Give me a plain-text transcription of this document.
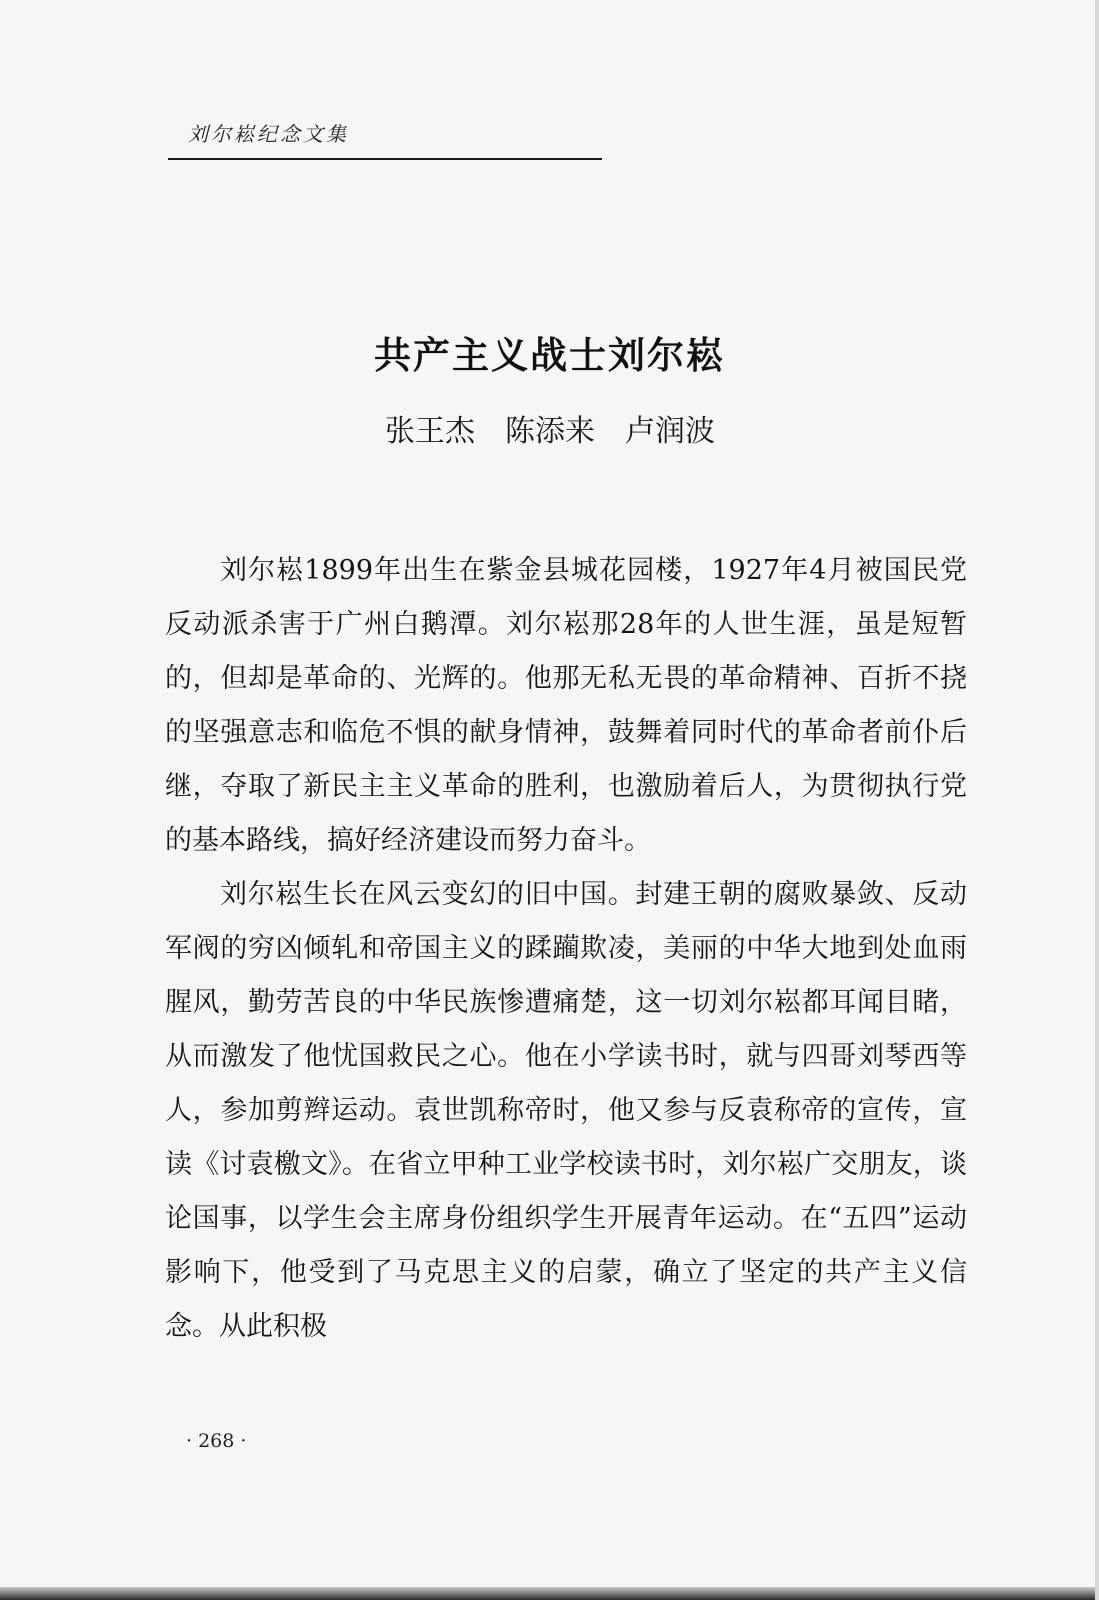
刘尔崧纪念文集
共产主义战士刘尔崧
张王杰　陈添来　卢润波

刘尔崧1899年出生在紫金县城花园楼，1927年4月被国民党反动派杀害于广州白鹅潭。刘尔崧那28年的人世生涯，虽是短暂的，但却是革命的、光辉的。他那无私无畏的革命精神、百折不挠的坚强意志和临危不惧的献身情神，鼓舞着同时代的革命者前仆后继，夺取了新民主主义革命的胜利，也激励着后人，为贯彻执行党的基本路线，搞好经济建设而努力奋斗。

刘尔崧生长在风云变幻的旧中国。封建王朝的腐败暴敛、反动军阀的穷凶倾轧和帝国主义的蹂躏欺凌，美丽的中华大地到处血雨腥风，勤劳苦良的中华民族惨遭痛楚，这一切刘尔崧都耳闻目睹，从而激发了他忧国救民之心。他在小学读书时，就与四哥刘琴西等人，参加剪辫运动。袁世凯称帝时，他又参与反袁称帝的宣传，宣读《讨袁檄文》。在省立甲种工业学校读书时，刘尔崧广交朋友，谈论国事，以学生会主席身份组织学生开展青年运动。在“五四”运动影响下，他受到了马克思主义的启蒙，确立了坚定的共产主义信念。从此积极

· 268 ·
